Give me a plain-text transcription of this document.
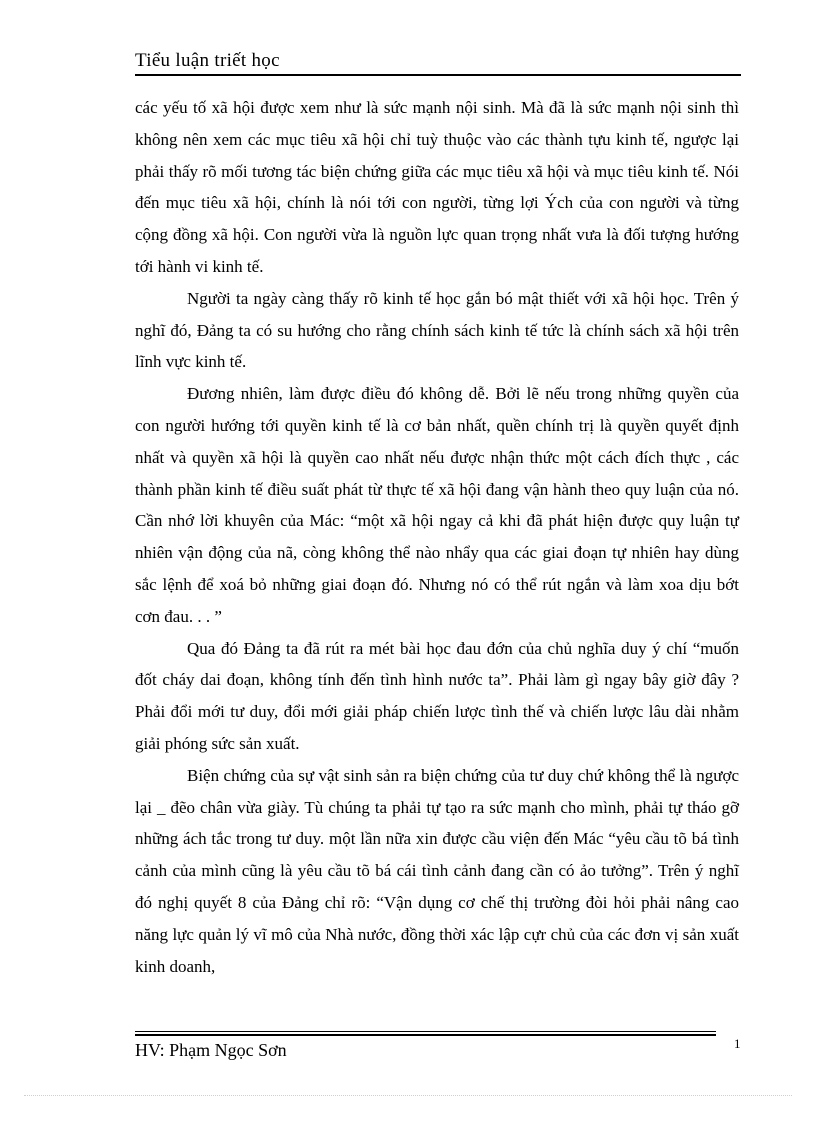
Tiểu luận triết học

các yếu tố xã hội được xem như là sức mạnh nội sinh. Mà đã là sức mạnh nội sinh thì không nên xem các mục tiêu xã hội chỉ tuỳ thuộc vào các thành tựu kinh tế, ngược lại phải thấy rõ mối tương tác biện chứng giữa các mục tiêu xã hội và mục tiêu kinh tế. Nói đến mục tiêu xã hội, chính là nói tới con người, từng lợi Ých của con người và từng cộng đồng xã hội. Con người vừa là nguồn lực quan trọng nhất vưa là đối tượng hướng tới hành vi kinh tế.

Người ta ngày càng thấy rõ kinh tế học gắn bó mật thiết với xã hội học. Trên ý nghĩ đó, Đảng ta có su hướng cho rằng chính sách kinh tế tức là chính sách xã hội trên lĩnh vực kinh tế.

Đương nhiên, làm được điều đó không dễ. Bởi lẽ nếu trong những quyền của con người hướng tới quyền kinh tế là cơ bản nhất, quền chính trị là quyền quyết định nhất và quyền xã hội là quyền cao nhất nếu được nhận thức một cách đích thực , các thành phần kinh tế điều suất phát từ thực tế xã hội đang vận hành theo quy luận của nó. Cần nhớ lời khuyên của Mác: “một xã hội ngay cả khi đã phát hiện được quy luận tự nhiên vận động của nã, còng không thể nào nhẩy qua các giai đoạn tự nhiên hay dùng sắc lệnh để xoá bỏ những giai đoạn đó. Nhưng nó có thể rút ngắn và làm xoa dịu bớt cơn đau. . . ”

Qua đó Đảng ta đã rút ra mét bài học đau đớn của chủ nghĩa duy ý chí “muốn đốt cháy dai đoạn, không tính đến tình hình nước ta”. Phải làm gì ngay bây giờ đây ? Phải đổi mới tư duy, đổi mới giải pháp chiến lược tình thế và chiến lược lâu dài nhằm giải phóng sức sản xuất.

Biện chứng của sự vật sinh sản ra biện chứng của tư duy chứ không thể là ngược lại _ đẽo chân vừa giày. Tù chúng ta phải tự tạo ra sức mạnh cho mình, phải tự tháo gỡ những ách tắc trong tư duy. một lần nữa xin được cầu viện đến Mác “yêu cầu tõ bá tình cảnh của mình cũng là yêu cầu tõ bá cái tình cảnh đang cần có ảo tưởng”. Trên ý nghĩ đó nghị quyết 8 của Đảng chỉ rõ: “Vận dụng cơ chế thị trường đòi hỏi phải nâng cao năng lực quản lý vĩ mô của Nhà nước, đồng thời xác lập cựr chủ của các đơn vị sản xuất kinh doanh,

HV: Phạm Ngọc Sơn	1
